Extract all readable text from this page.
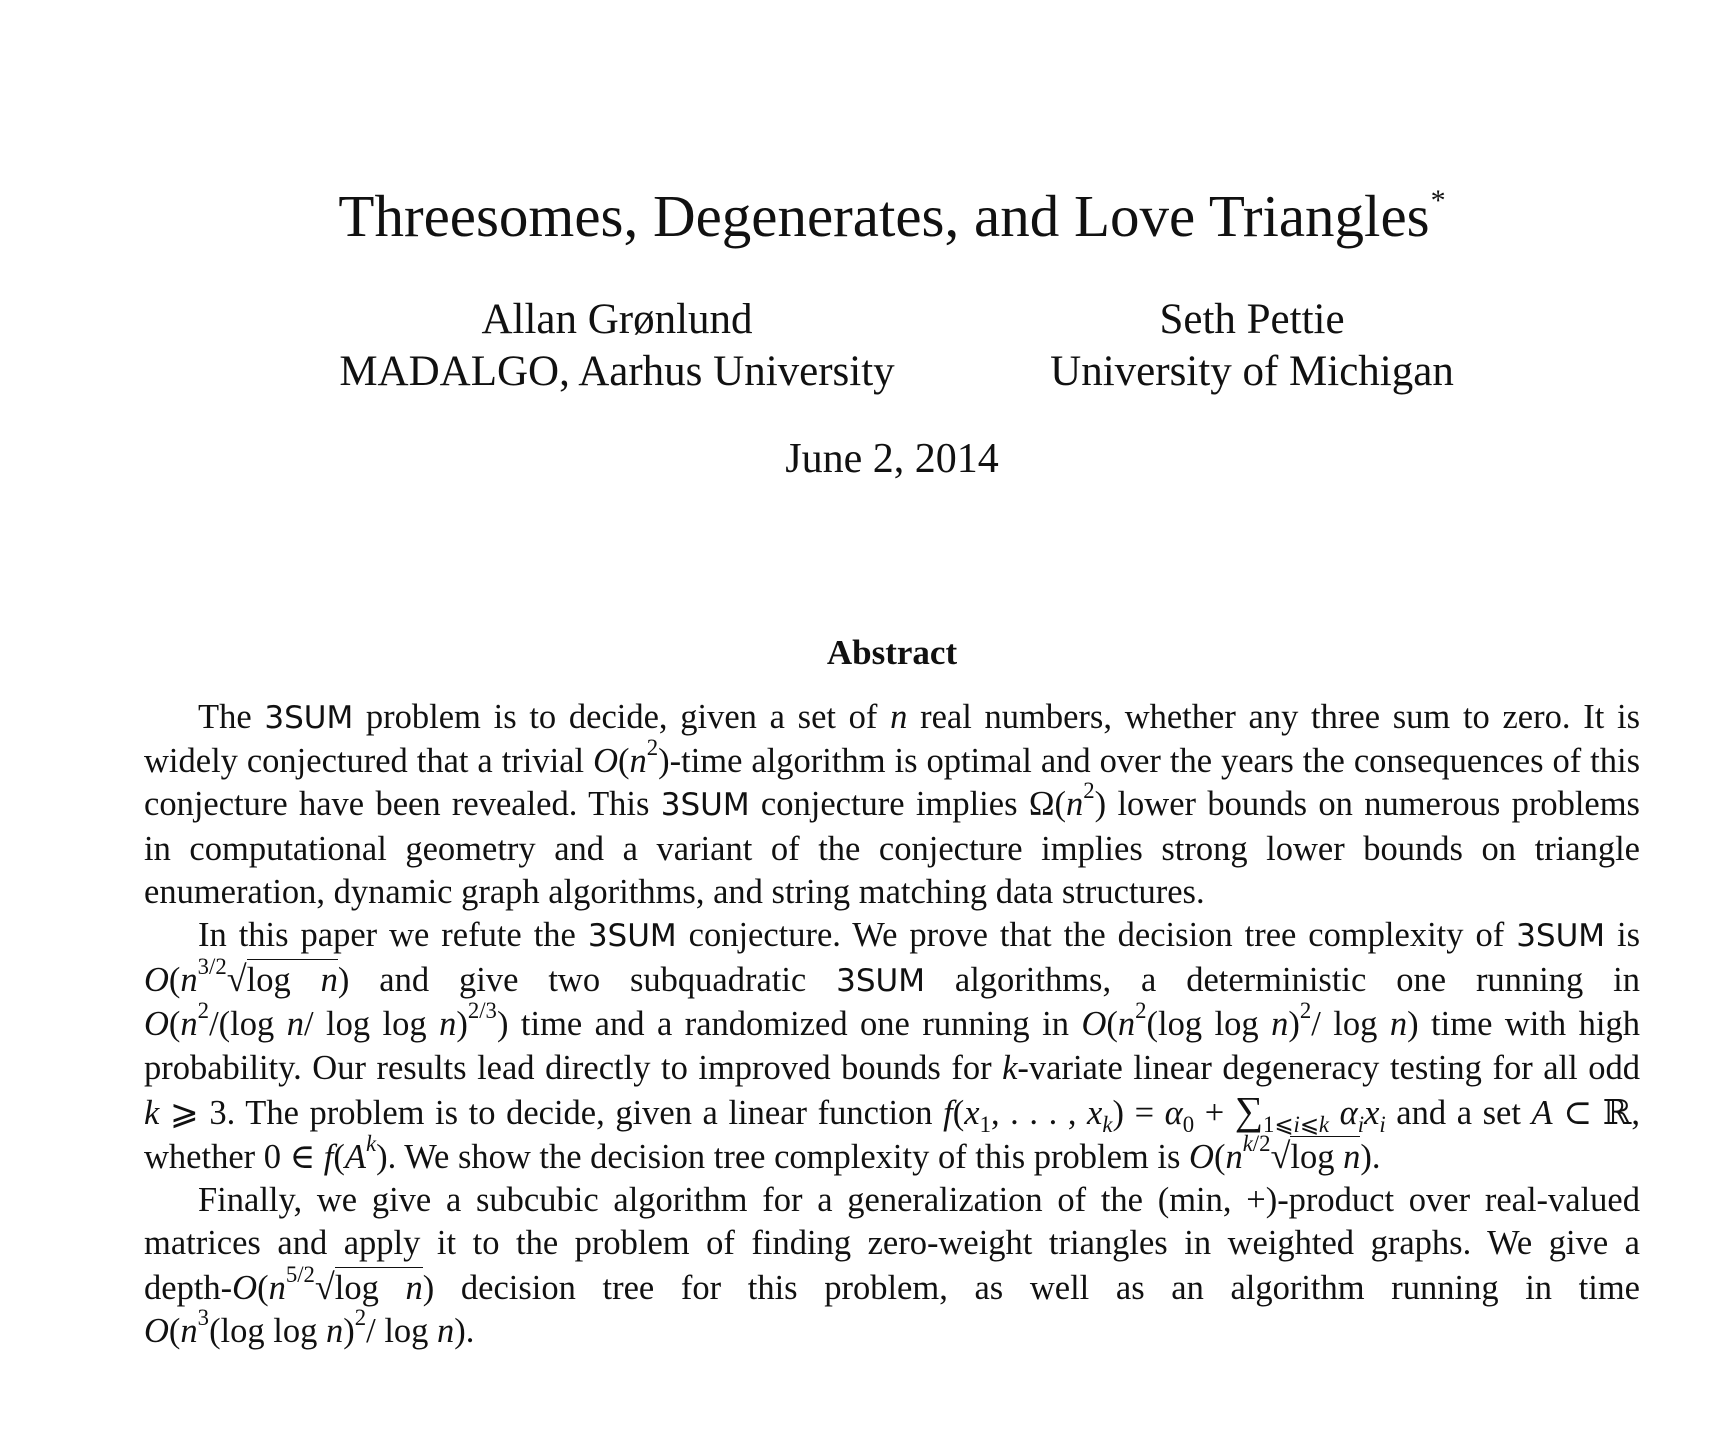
Threesomes, Degenerates, and Love Triangles*
Allan Grønlund
MADALGO, Aarhus University
Seth Pettie
University of Michigan
June 2, 2014
Abstract

The 3SUM problem is to decide, given a set of n real numbers, whether any three sum to zero. It is widely conjectured that a trivial $O(n^2)$-time algorithm is optimal and over the years the consequences of this conjecture have been revealed. This 3SUM conjecture implies $\Omega(n^2)$ lower bounds on numerous problems in computational geometry and a variant of the conjecture implies strong lower bounds on triangle enumeration, dynamic graph algorithms, and string matching data structures.

In this paper we refute the 3SUM conjecture. We prove that the decision tree complexity of 3SUM is $O(n^{3/2}√\log$ n) and give two subquadratic 3SUM algorithms, a deterministic one running in $O(n^2/(\log$ n/ log log n)$^{2/3}$) time and a randomized one running in $O(n^2(\log$ log n)$^2$/ log n) time with high probability. Our results lead directly to improved bounds for k-variate linear degeneracy testing for all odd k ⩾ 3. The problem is to decide, given a linear function $f(x_1$, . . . , $x_k) = \alpha_0 + \sum_{1⩽i⩽k}$ $\alpha_ix_i$ and a set A ⊂ ℝ, whether 0 ∈ $f(A^k)$. We show the decision tree complexity of this problem is $O(n^{k/2}√\log$ n).

Finally, we give a subcubic algorithm for a generalization of the (min, +)-product over real-valued matrices and apply it to the problem of finding zero-weight triangles in weighted graphs. We give a depth-$O(n^{5/2}√\log$ n) decision tree for this problem, as well as an algorithm running in time $O(n^3(\log$ log n)$^2$/ log n).
